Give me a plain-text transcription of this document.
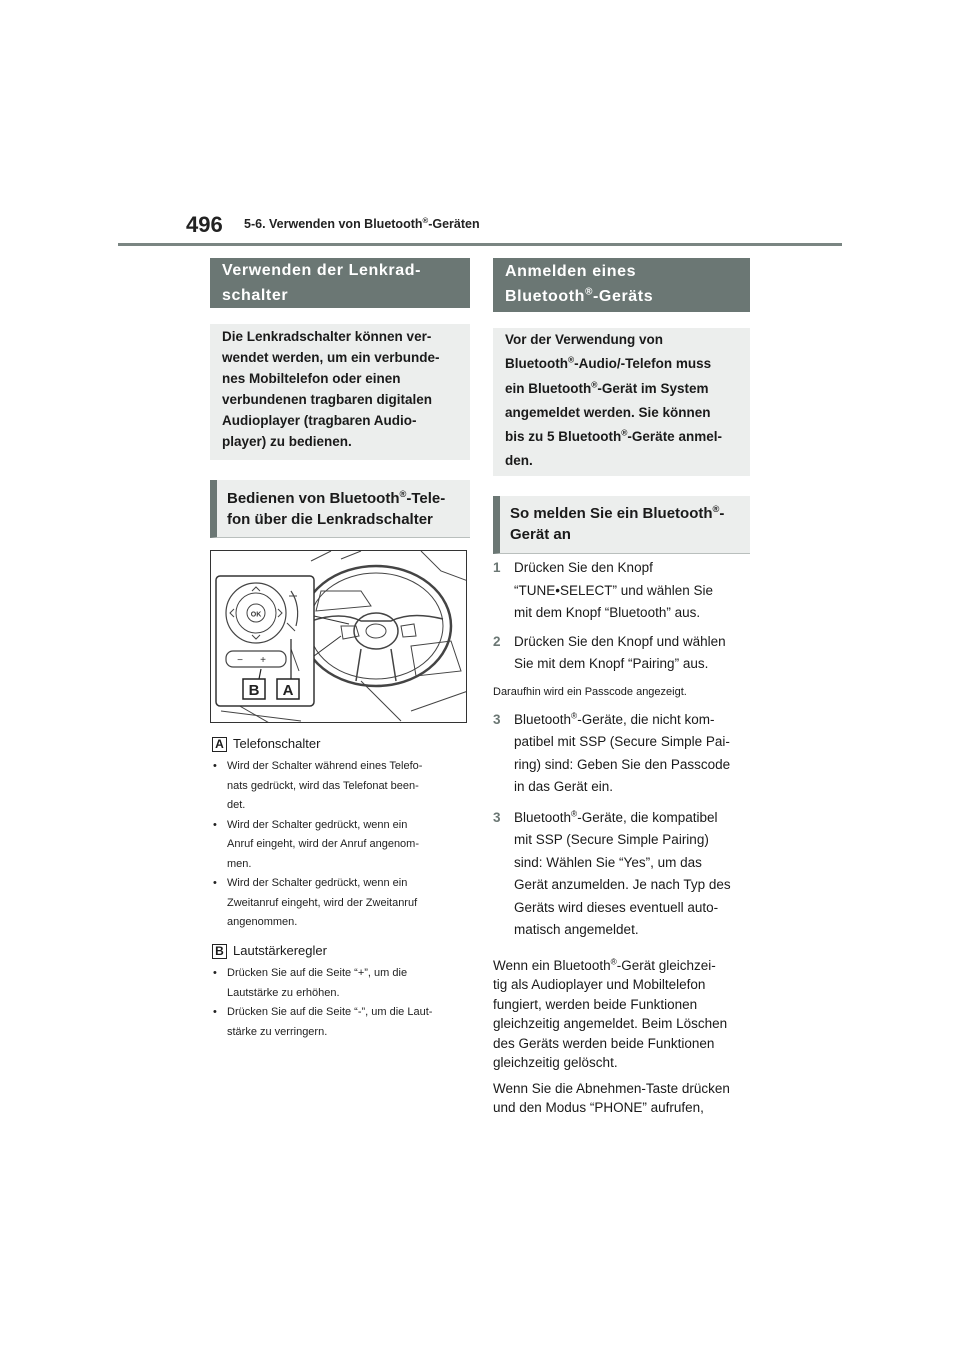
496 5-6. Verwenden von Bluetooth®-Geräten
Verwenden der Lenkrad-
schalter
Die Lenkradschalter können ver-
wendet werden, um ein verbunde-
nes Mobiltelefon oder einen
verbundenen tragbaren digitalen
Audioplayer (tragbaren Audio-
player) zu bedienen.
Bedienen von Bluetooth®-Tele-
fon über die Lenkradschalter
OK
− +
B A
A Telefonschalter
• Wird der Schalter während eines Telefo-
nats gedrückt, wird das Telefonat been-
det.
• Wird der Schalter gedrückt, wenn ein
Anruf eingeht, wird der Anruf angenom-
men.
• Wird der Schalter gedrückt, wenn ein
Zweitanruf eingeht, wird der Zweitanruf
angenommen.
B Lautstärkeregler
• Drücken Sie auf die Seite “+”, um die
Lautstärke zu erhöhen.
• Drücken Sie auf die Seite “-”, um die Laut-
stärke zu verringern.
Anmelden eines
Bluetooth®-Geräts
Vor der Verwendung von
Bluetooth®-Audio/-Telefon muss
ein Bluetooth®-Gerät im System
angemeldet werden. Sie können
bis zu 5 Bluetooth®-Geräte anmel-
den.
So melden Sie ein Bluetooth®-
Gerät an
1 Drücken Sie den Knopf
“TUNE•SELECT” und wählen Sie
mit dem Knopf “Bluetooth” aus.
2 Drücken Sie den Knopf und wählen
Sie mit dem Knopf “Pairing” aus.
Daraufhin wird ein Passcode angezeigt.
3 Bluetooth®-Geräte, die nicht kom-
patibel mit SSP (Secure Simple Pai-
ring) sind: Geben Sie den Passcode
in das Gerät ein.
3 Bluetooth®-Geräte, die kompatibel
mit SSP (Secure Simple Pairing)
sind: Wählen Sie “Yes”, um das
Gerät anzumelden. Je nach Typ des
Geräts wird dieses eventuell auto-
matisch angemeldet.
Wenn ein Bluetooth®-Gerät gleichzei-
tig als Audioplayer und Mobiltelefon
fungiert, werden beide Funktionen
gleichzeitig angemeldet. Beim Löschen
des Geräts werden beide Funktionen
gleichzeitig gelöscht.
Wenn Sie die Abnehmen-Taste drücken
und den Modus “PHONE” aufrufen,
